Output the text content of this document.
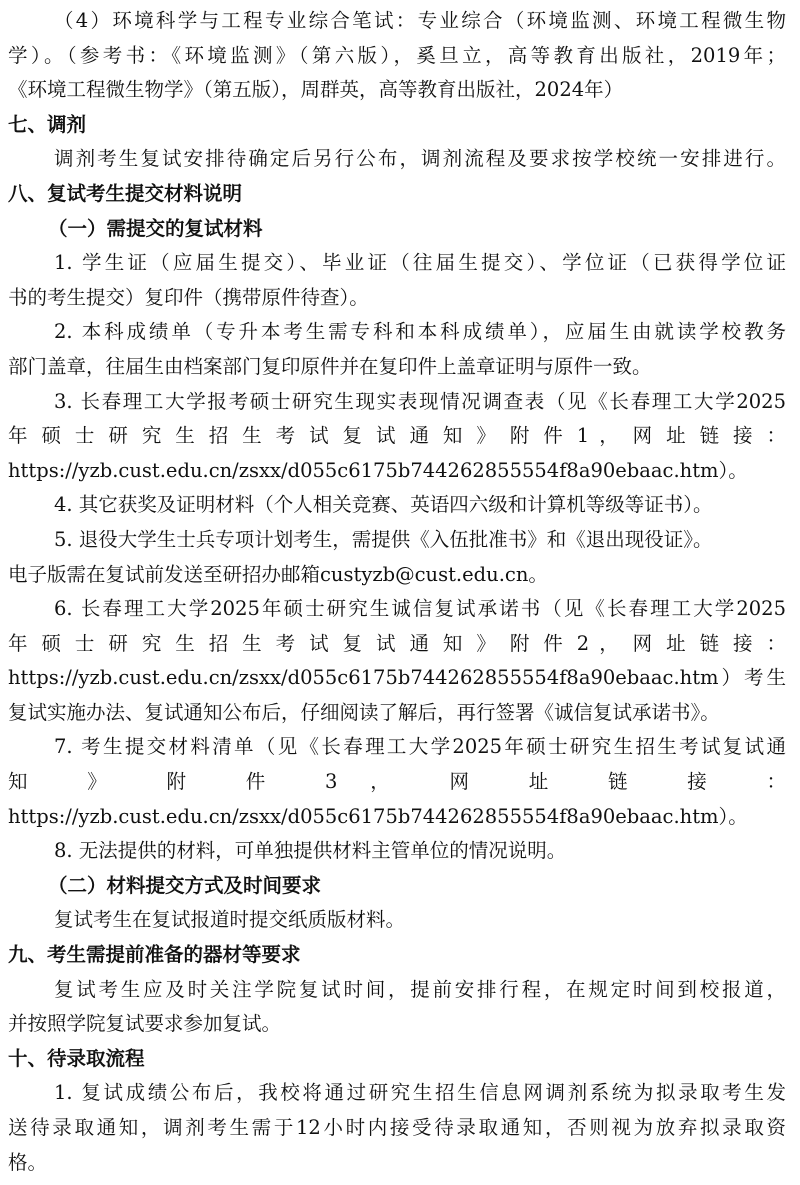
（4）环境科学与工程专业综合笔试：专业综合（环境监测、环境工程微生物
学）。（参考书：《环境监测》（第六版），奚旦立，高等教育出版社，2019年；
《环境工程微生物学》（第五版），周群英，高等教育出版社，2024年）
七、调剂
调剂考生复试安排待确定后另行公布，调剂流程及要求按学校统一安排进行。
八、复试考生提交材料说明
（一）需提交的复试材料
1. 学生证（应届生提交）、毕业证（往届生提交）、学位证（已获得学位证
书的考生提交）复印件（携带原件待查）。
2. 本科成绩单（专升本考生需专科和本科成绩单），应届生由就读学校教务
部门盖章，往届生由档案部门复印原件并在复印件上盖章证明与原件一致。
3. 长春理工大学报考硕士研究生现实表现情况调查表（见《长春理工大学2025
年 硕 士 研 究 生 招 生 考 试 复 试 通 知 》 附 件 1 ， 网 址 链 接 ：
https://yzb.cust.edu.cn/zsxx/d055c6175b744262855554f8a90ebaac.htm）。
4. 其它获奖及证明材料（个人相关竞赛、英语四六级和计算机等级等证书）。
5. 退役大学生士兵专项计划考生，需提供《入伍批准书》和《退出现役证》。
电子版需在复试前发送至研招办邮箱custyzb@cust.edu.cn。
6. 长春理工大学2025年硕士研究生诚信复试承诺书（见《长春理工大学2025
年 硕 士 研 究 生 招 生 考 试 复 试 通 知 》 附 件 2 ， 网 址 链 接 ：
https://yzb.cust.edu.cn/zsxx/d055c6175b744262855554f8a90ebaac.htm）考生
复试实施办法、复试通知公布后，仔细阅读了解后，再行签署《诚信复试承诺书》。
7. 考生提交材料清单（见《长春理工大学2025年硕士研究生招生考试复试通
知 》 附 件 3 ， 网 址 链 接 ：
https://yzb.cust.edu.cn/zsxx/d055c6175b744262855554f8a90ebaac.htm）。
8. 无法提供的材料，可单独提供材料主管单位的情况说明。
（二）材料提交方式及时间要求
复试考生在复试报道时提交纸质版材料。
九、考生需提前准备的器材等要求
复试考生应及时关注学院复试时间，提前安排行程，在规定时间到校报道，
并按照学院复试要求参加复试。
十、待录取流程
1. 复试成绩公布后，我校将通过研究生招生信息网调剂系统为拟录取考生发
送待录取通知，调剂考生需于12小时内接受待录取通知，否则视为放弃拟录取资
格。
